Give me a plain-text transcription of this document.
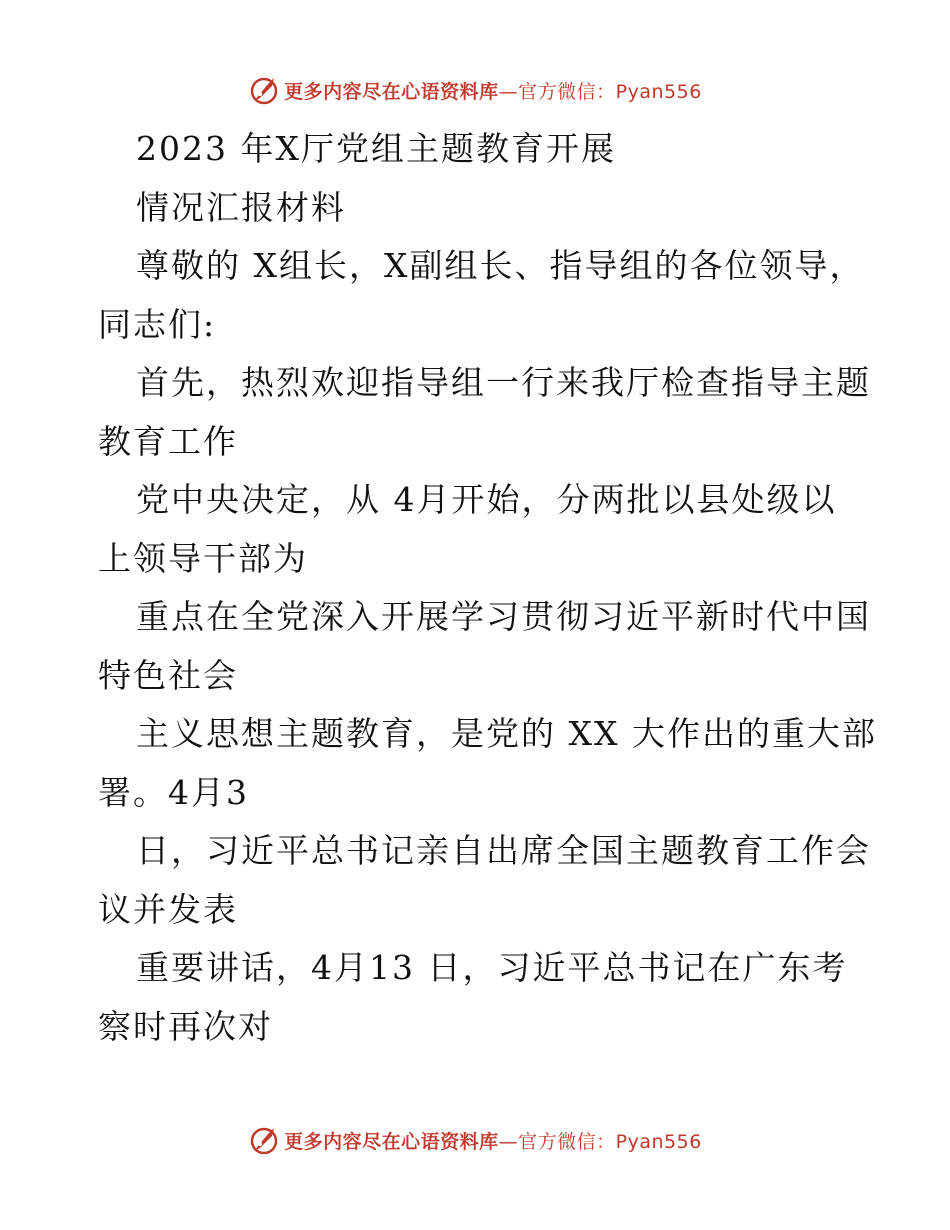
更多内容尽在心语资料库—官方微信：Pyan556
2023 年X厅党组主题教育开展
情况汇报材料
尊敬的 X组长，X副组长、指导组的各位领导，
同志们:
首先，热烈欢迎指导组一行来我厅检查指导主题
教育工作
党中央决定，从 4月开始，分两批以县处级以
上领导干部为
重点在全党深入开展学习贯彻习近平新时代中国
特色社会
主义思想主题教育，是党的 XX 大作出的重大部
署。4月3
日，习近平总书记亲自出席全国主题教育工作会
议并发表
重要讲话，4月13 日，习近平总书记在广东考
察时再次对
更多内容尽在心语资料库—官方微信：Pyan556
